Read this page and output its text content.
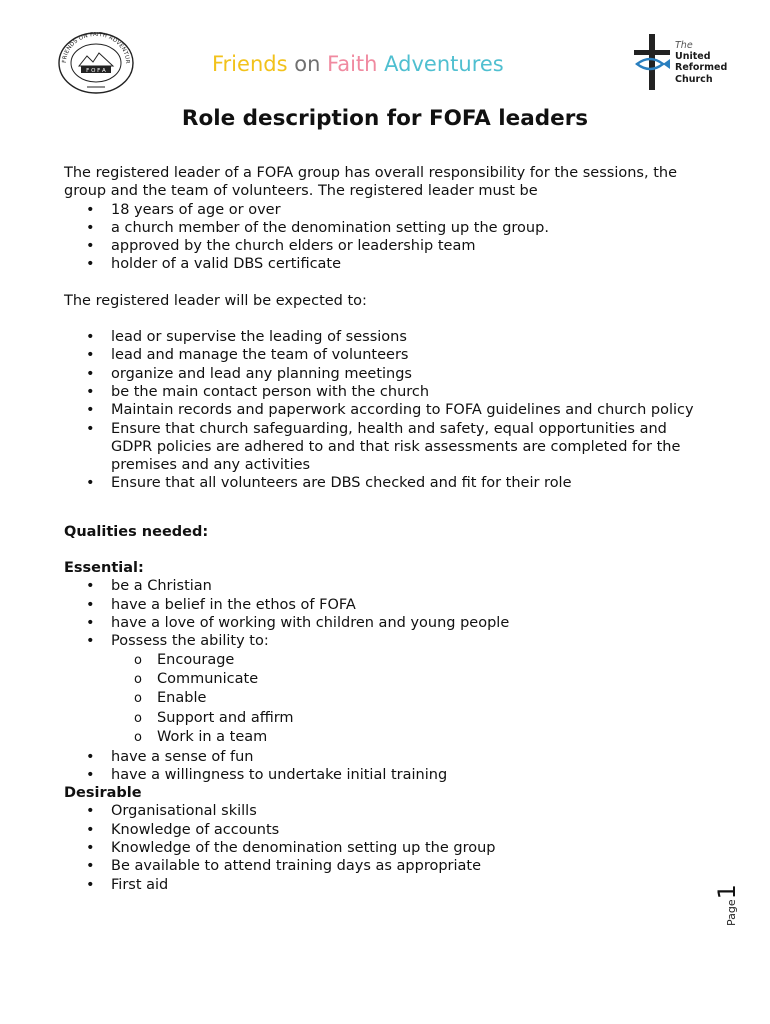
FRIENDS ON FAITH ADVENTUR
F O F A	Friends on Faith Adventures
The
United
Reformed
Church
Role description for FOFA leaders

The registered leader of a FOFA group has overall responsibility for the sessions, the group and the team of volunteers. The registered leader must be

• 18 years of age or over
• a church member of the denomination setting up the group.
• approved by the church elders or leadership team
• holder of a valid DBS certificate

The registered leader will be expected to:

• lead or supervise the leading of sessions
• lead and manage the team of volunteers
• organize and lead any planning meetings
• be the main contact person with the church
• Maintain records and paperwork according to FOFA guidelines and church policy
• Ensure that church safeguarding, health and safety, equal opportunities and GDPR policies are adhered to and that risk assessments are completed for the premises and any activities
• Ensure that all volunteers are DBS checked and fit for their role

Qualities needed:

Essential:

• be a Christian
• have a belief in the ethos of FOFA
• have a love of working with children and young people
• Possess the ability to:
o Encourage
o Communicate
o Enable
o Support and affirm
o Work in a team
• have a sense of fun
• have a willingness to undertake initial training

Desirable

• Organisational skills
• Knowledge of accounts
• Knowledge of the denomination setting up the group
• Be available to attend training days as appropriate
• First aid
Page1
